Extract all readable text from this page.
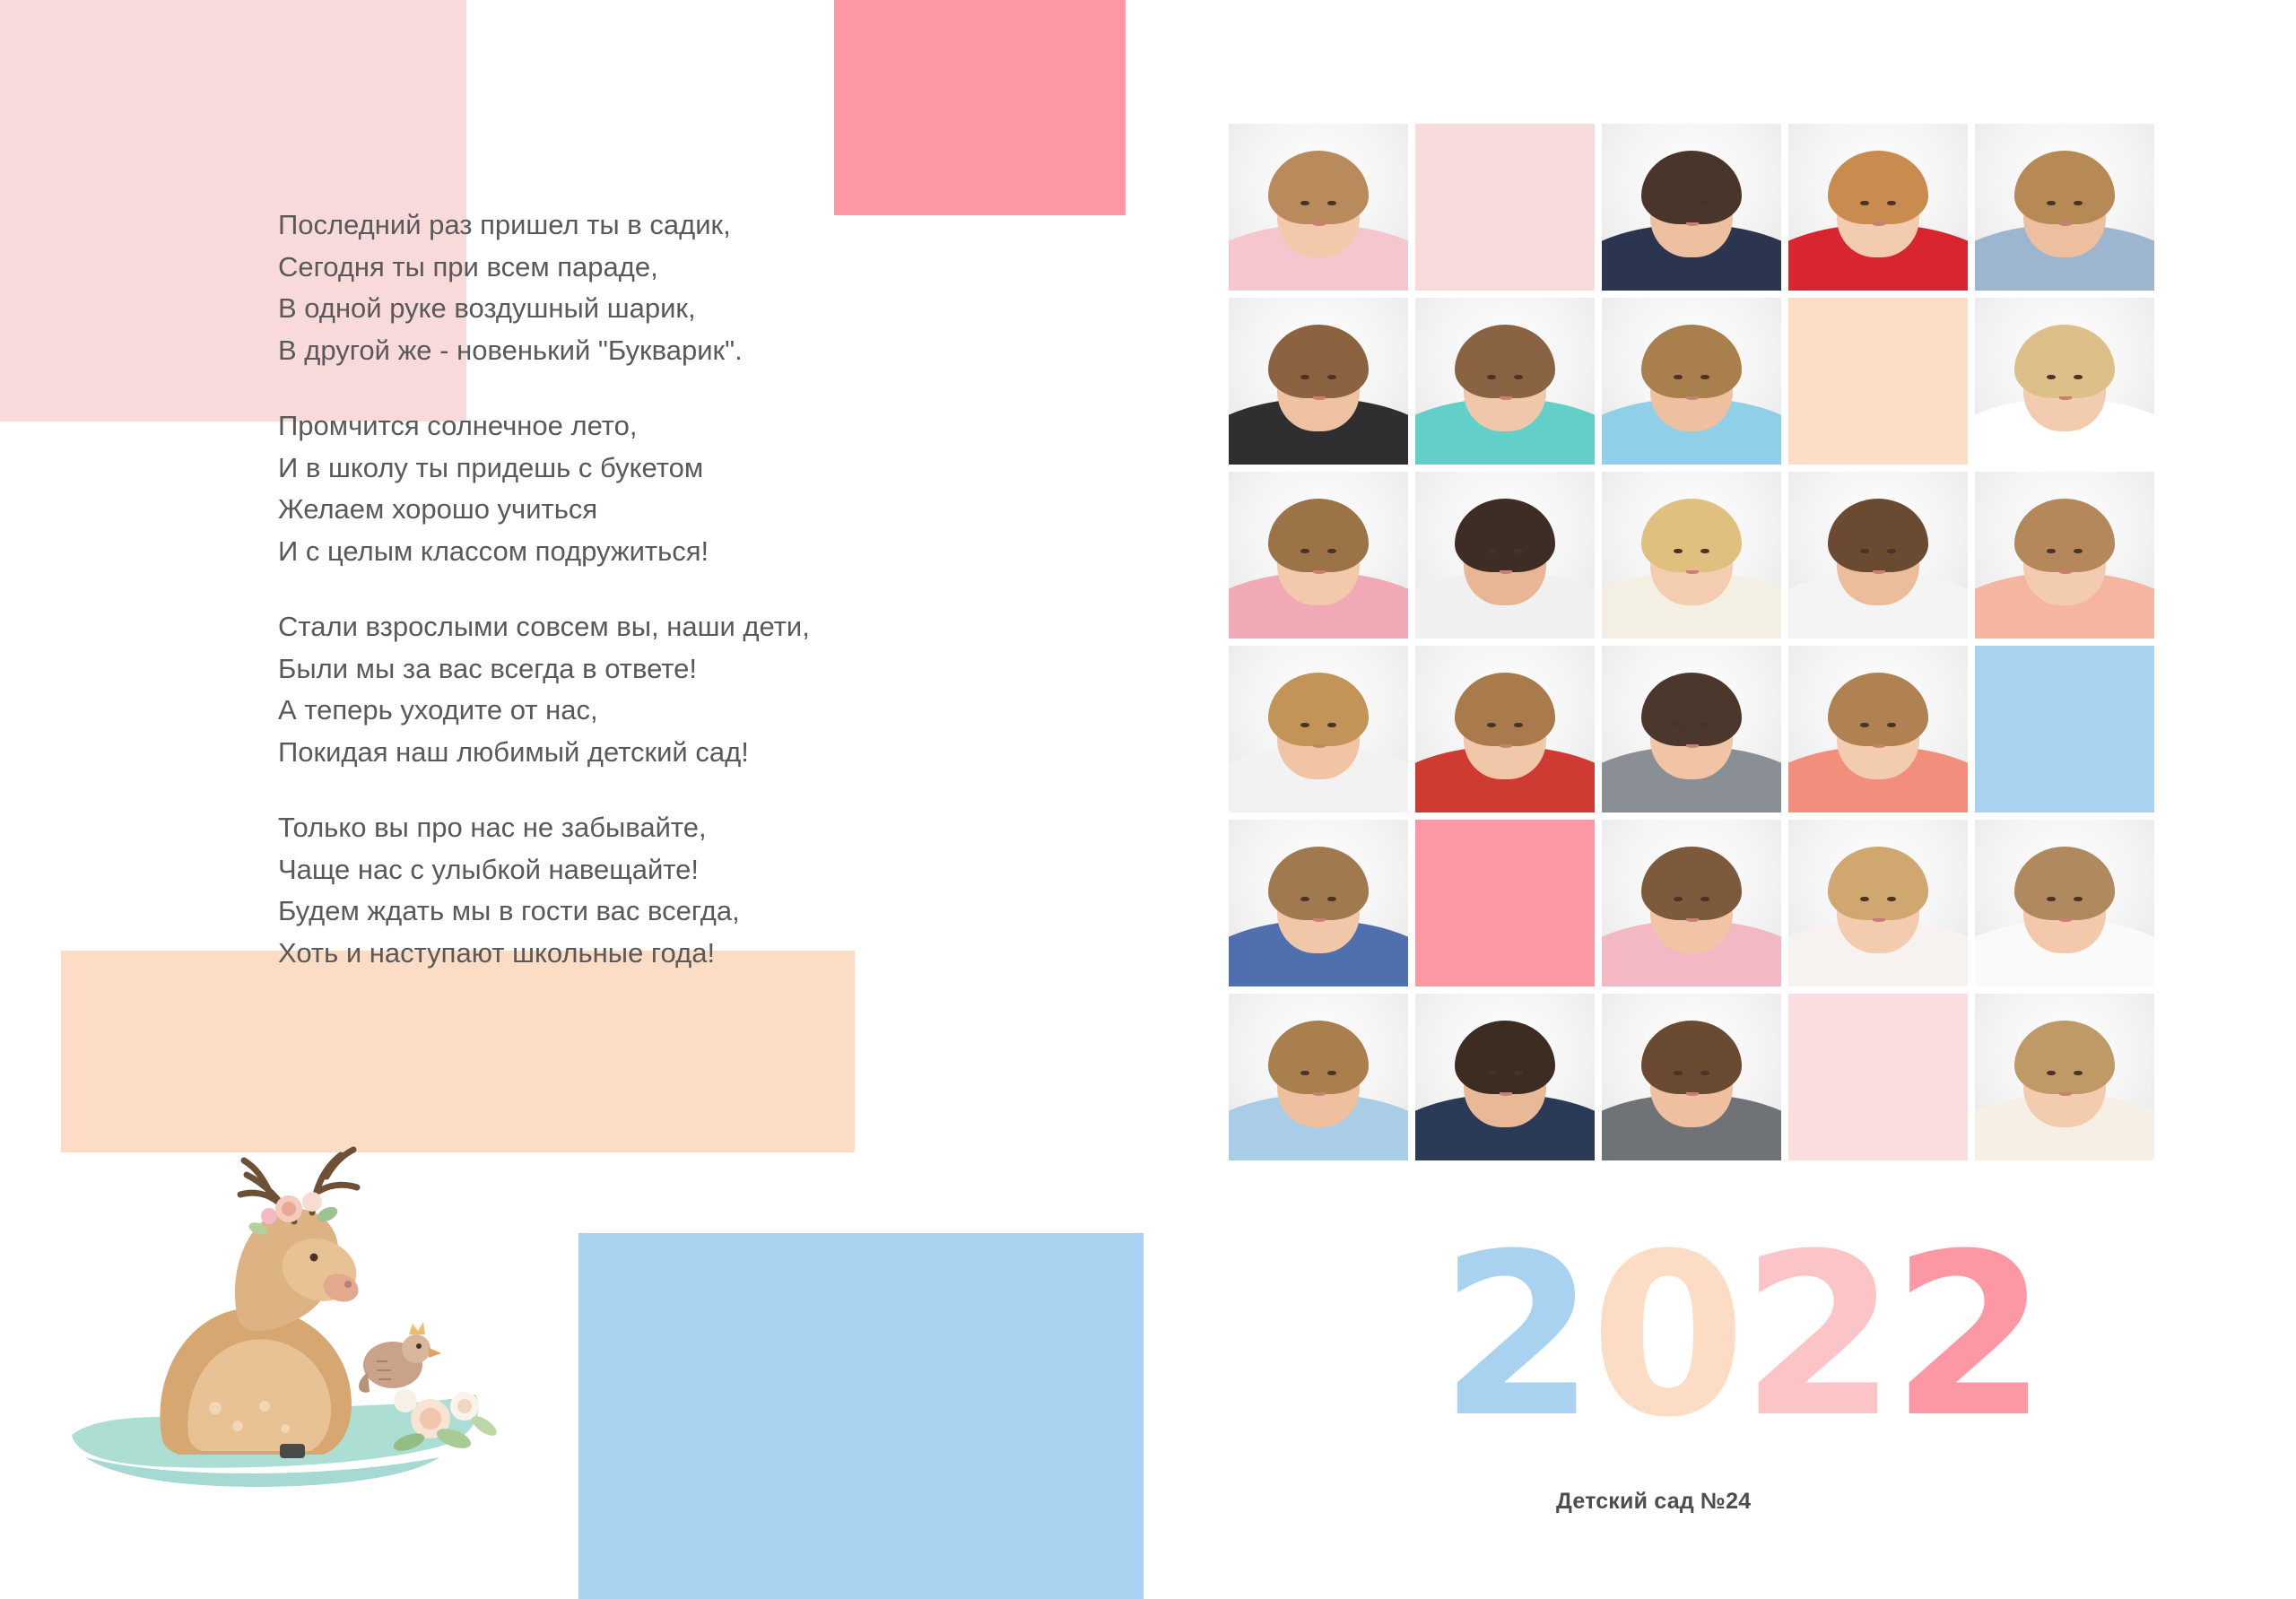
Последний раз пришел ты в садик,
Сегодня ты при всем параде,
В одной руке воздушный шарик,
В другой же - новенький "Букварик".
Промчится солнечное лето,
И в школу ты придешь с букетом
Желаем хорошо учиться
И с целым классом подружиться!
Стали взрослыми совсем вы, наши дети,
Были мы за вас всегда в ответе!
А теперь уходите от нас,
Покидая наш любимый детский сад!
Только вы про нас не забывайте,
Чаще нас с улыбкой навещайте!
Будем ждать мы в гости вас всегда,
Хоть и наступают школьные года!
2 0 2 2
Детский сад №24
